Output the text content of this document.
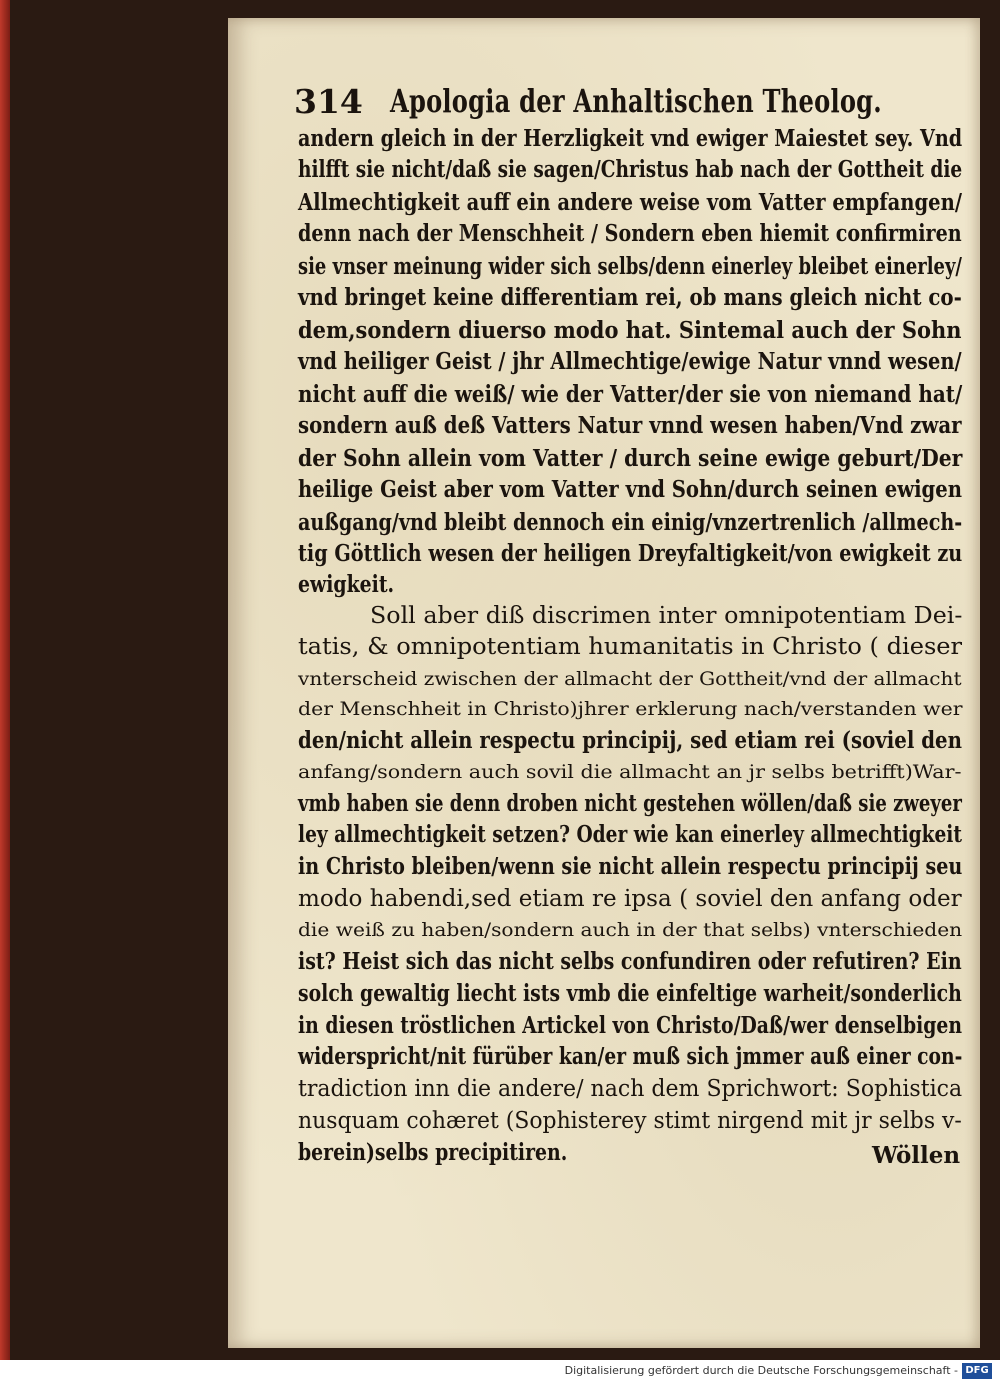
314 Apologia der Anhaltischen Theolog.
andern gleich in der Herzligkeit vnd ewiger Maiestet sey. Vnd
hilfft sie nicht/daß sie sagen/Christus hab nach der Gottheit die
Allmechtigkeit auff ein andere weise vom Vatter empfangen/
denn nach der Menschheit / Sondern eben hiemit confirmiren
sie vnser meinung wider sich selbs/denn einerley bleibet einerley/
vnd bringet keine differentiam rei, ob mans gleich nicht co-
dem,sondern diuerso modo hat. Sintemal auch der Sohn
vnd heiliger Geist / jhr Allmechtige/ewige Natur vnnd wesen/
nicht auff die weiß/ wie der Vatter/der sie von niemand hat/
sondern auß deß Vatters Natur vnnd wesen haben/Vnd zwar
der Sohn allein vom Vatter / durch seine ewige geburt/Der
heilige Geist aber vom Vatter vnd Sohn/durch seinen ewigen
außgang/vnd bleibt dennoch ein einig/vnzertrenlich /allmech-
tig Göttlich wesen der heiligen Dreyfaltigkeit/von ewigkeit zu
ewigkeit.
Soll aber diß discrimen inter omnipotentiam Dei-
tatis, & omnipotentiam humanitatis in Christo ( dieser
vnterscheid zwischen der allmacht der Gottheit/vnd der allmacht
der Menschheit in Christo)jhrer erklerung nach/verstanden wer
den/nicht allein respectu principij, sed etiam rei (soviel den
anfang/sondern auch sovil die allmacht an jr selbs betrifft)War-
vmb haben sie denn droben nicht gestehen wöllen/daß sie zweyer
ley allmechtigkeit setzen? Oder wie kan einerley allmechtigkeit
in Christo bleiben/wenn sie nicht allein respectu principij seu
modo habendi,sed etiam re ipsa ( soviel den anfang oder
die weiß zu haben/sondern auch in der that selbs) vnterschieden
ist? Heist sich das nicht selbs confundiren oder refutiren? Ein
solch gewaltig liecht ists vmb die einfeltige warheit/sonderlich
in diesen tröstlichen Artickel von Christo/Daß/wer denselbigen
widerspricht/nit fürüber kan/er muß sich jmmer auß einer con-
tradiction inn die andere/ nach dem Sprichwort: Sophistica
nusquam cohæret (Sophisterey stimt nirgend mit jr selbs v-
berein)selbs precipitiren.	Wöllen
Digitalisierung gefördert durch die Deutsche Forschungsgemeinschaft - DFG
